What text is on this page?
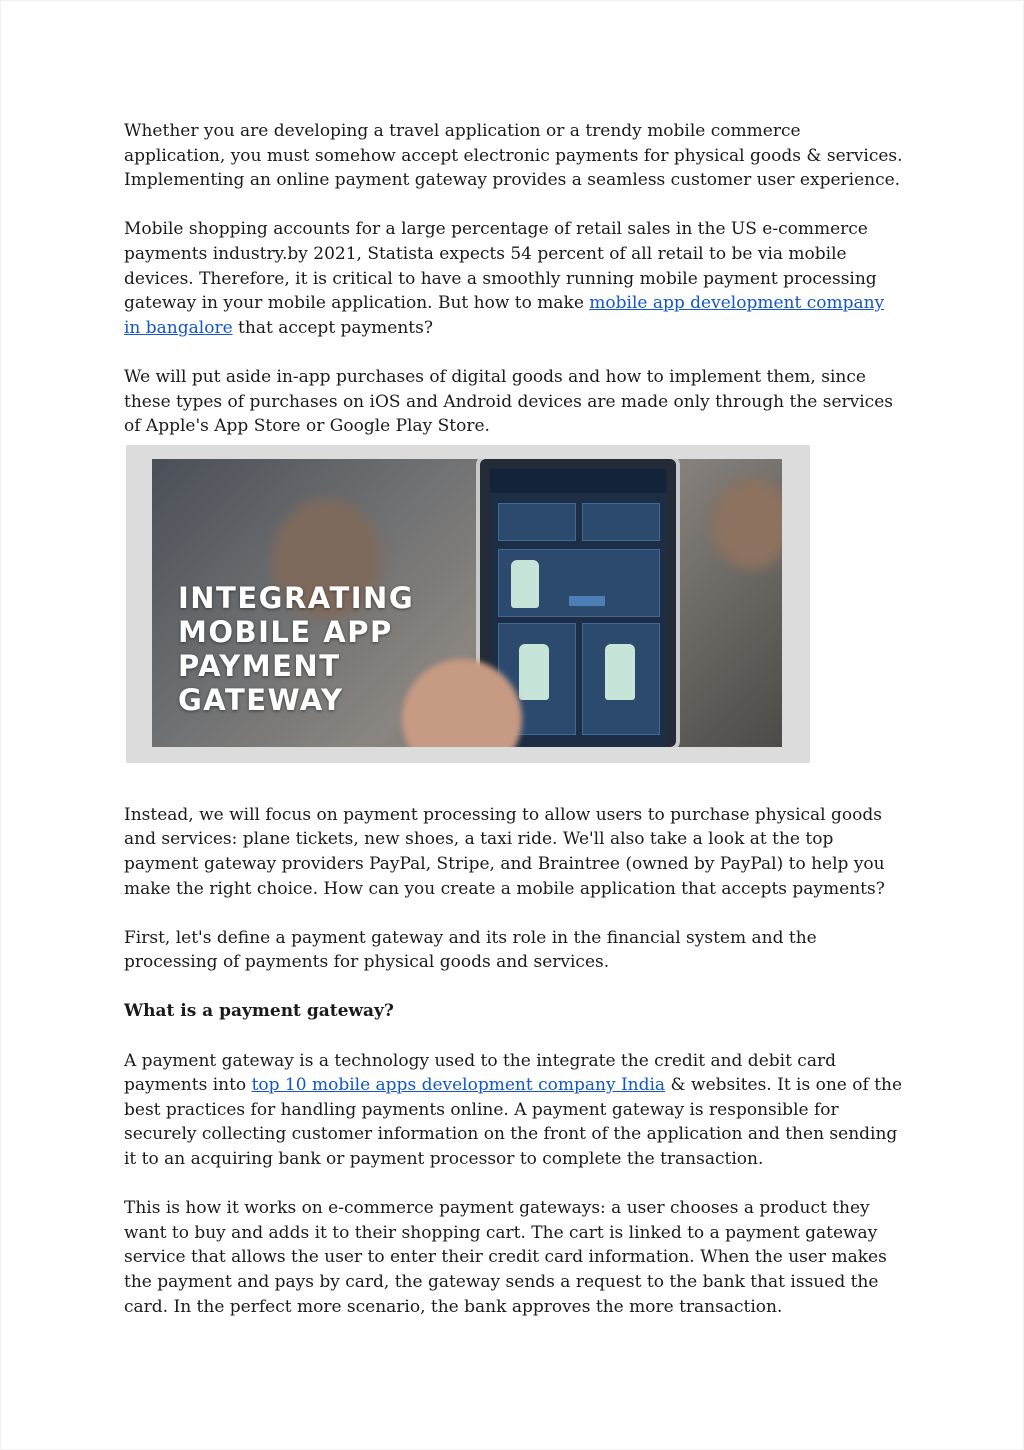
Whether you are developing a travel application or a trendy mobile commerce application, you must somehow accept electronic payments for physical goods & services. Implementing an online payment gateway provides a seamless customer user experience.

Mobile shopping accounts for a large percentage of retail sales in the US e-commerce payments industry.by 2021, Statista expects 54 percent of all retail to be via mobile devices. Therefore, it is critical to have a smoothly running mobile payment processing gateway in your mobile application. But how to make mobile app development company in bangalore that accept payments?

We will put aside in-app purchases of digital goods and how to implement them, since these types of purchases on iOS and Android devices are made only through the services of Apple's App Store or Google Play Store.

INTEGRATING
MOBILE APP
PAYMENT
GATEWAY

Instead, we will focus on payment processing to allow users to purchase physical goods and services: plane tickets, new shoes, a taxi ride. We'll also take a look at the top payment gateway providers PayPal, Stripe, and Braintree (owned by PayPal) to help you make the right choice. How can you create a mobile application that accepts payments?

First, let's define a payment gateway and its role in the financial system and the processing of payments for physical goods and services.

What is a payment gateway?

A payment gateway is a technology used to the integrate the credit and debit card payments into top 10 mobile apps development company India & websites. It is one of the best practices for handling payments online. A payment gateway is responsible for securely collecting customer information on the front of the application and then sending it to an acquiring bank or payment processor to complete the transaction.

This is how it works on e-commerce payment gateways: a user chooses a product they want to buy and adds it to their shopping cart. The cart is linked to a payment gateway service that allows the user to enter their credit card information. When the user makes the payment and pays by card, the gateway sends a request to the bank that issued the card. In the perfect more scenario, the bank approves the more transaction.
